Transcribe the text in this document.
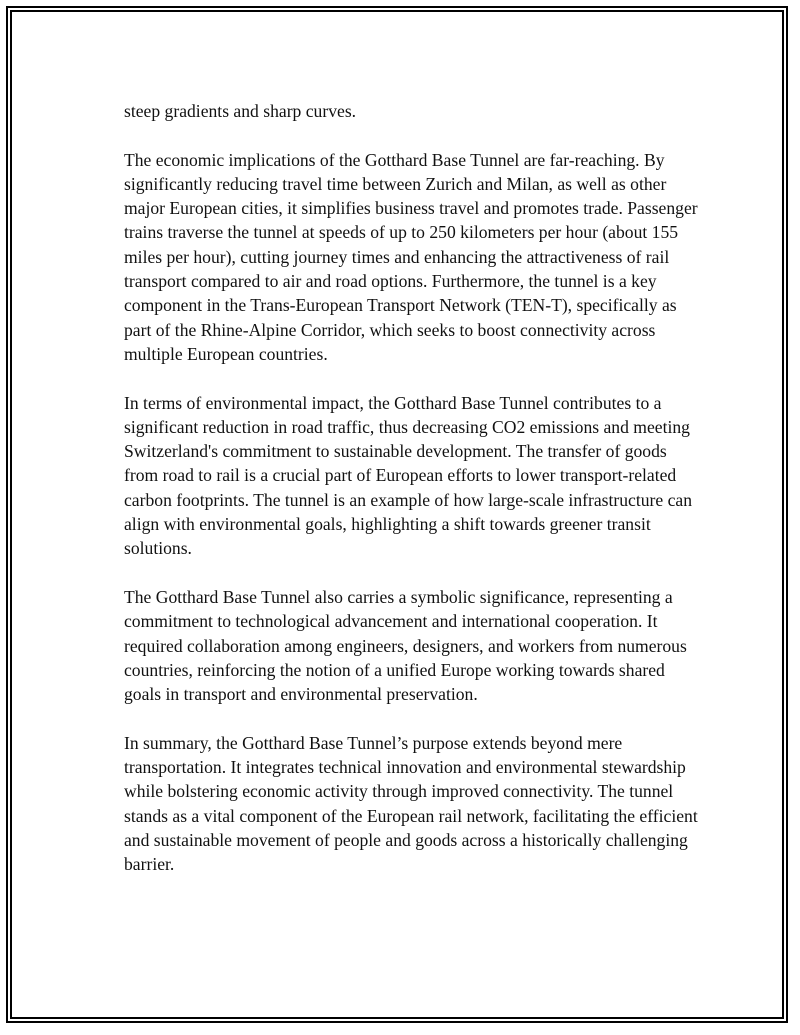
steep gradients and sharp curves.

The economic implications of the Gotthard Base Tunnel are far-reaching. By significantly reducing travel time between Zurich and Milan, as well as other major European cities, it simplifies business travel and promotes trade. Passenger trains traverse the tunnel at speeds of up to 250 kilometers per hour (about 155 miles per hour), cutting journey times and enhancing the attractiveness of rail transport compared to air and road options. Furthermore, the tunnel is a key component in the Trans-European Transport Network (TEN-T), specifically as part of the Rhine-Alpine Corridor, which seeks to boost connectivity across multiple European countries.

In terms of environmental impact, the Gotthard Base Tunnel contributes to a significant reduction in road traffic, thus decreasing CO2 emissions and meeting Switzerland's commitment to sustainable development. The transfer of goods from road to rail is a crucial part of European efforts to lower transport-related carbon footprints. The tunnel is an example of how large-scale infrastructure can align with environmental goals, highlighting a shift towards greener transit solutions.

The Gotthard Base Tunnel also carries a symbolic significance, representing a commitment to technological advancement and international cooperation. It required collaboration among engineers, designers, and workers from numerous countries, reinforcing the notion of a unified Europe working towards shared goals in transport and environmental preservation.

In summary, the Gotthard Base Tunnel’s purpose extends beyond mere transportation. It integrates technical innovation and environmental stewardship while bolstering economic activity through improved connectivity. The tunnel stands as a vital component of the European rail network, facilitating the efficient and sustainable movement of people and goods across a historically challenging barrier.
